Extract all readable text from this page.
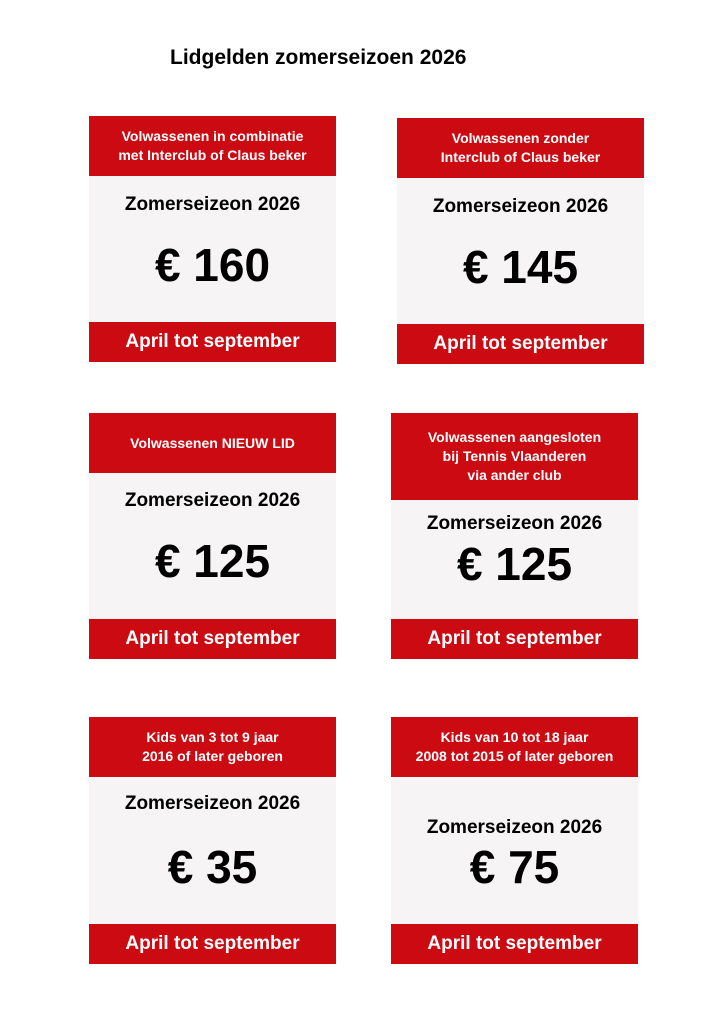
Lidgelden zomerseizoen 2026
Volwassenen in combinatie
met Interclub of Claus beker
Zomerseizeon 2026
€ 160
April tot september
Volwassenen zonder
Interclub of Claus beker
Zomerseizeon 2026
€ 145
April tot september
Volwassenen NIEUW LID
Zomerseizeon 2026
€ 125
April tot september
Volwassenen aangesloten
bij Tennis Vlaanderen
via ander club
Zomerseizeon 2026
€ 125
April tot september
Kids van 3 tot 9 jaar
2016 of later geboren
Zomerseizeon 2026
€ 35
April tot september
Kids van 10 tot 18 jaar
2008 tot 2015 of later geboren
Zomerseizeon 2026
€ 75
April tot september
